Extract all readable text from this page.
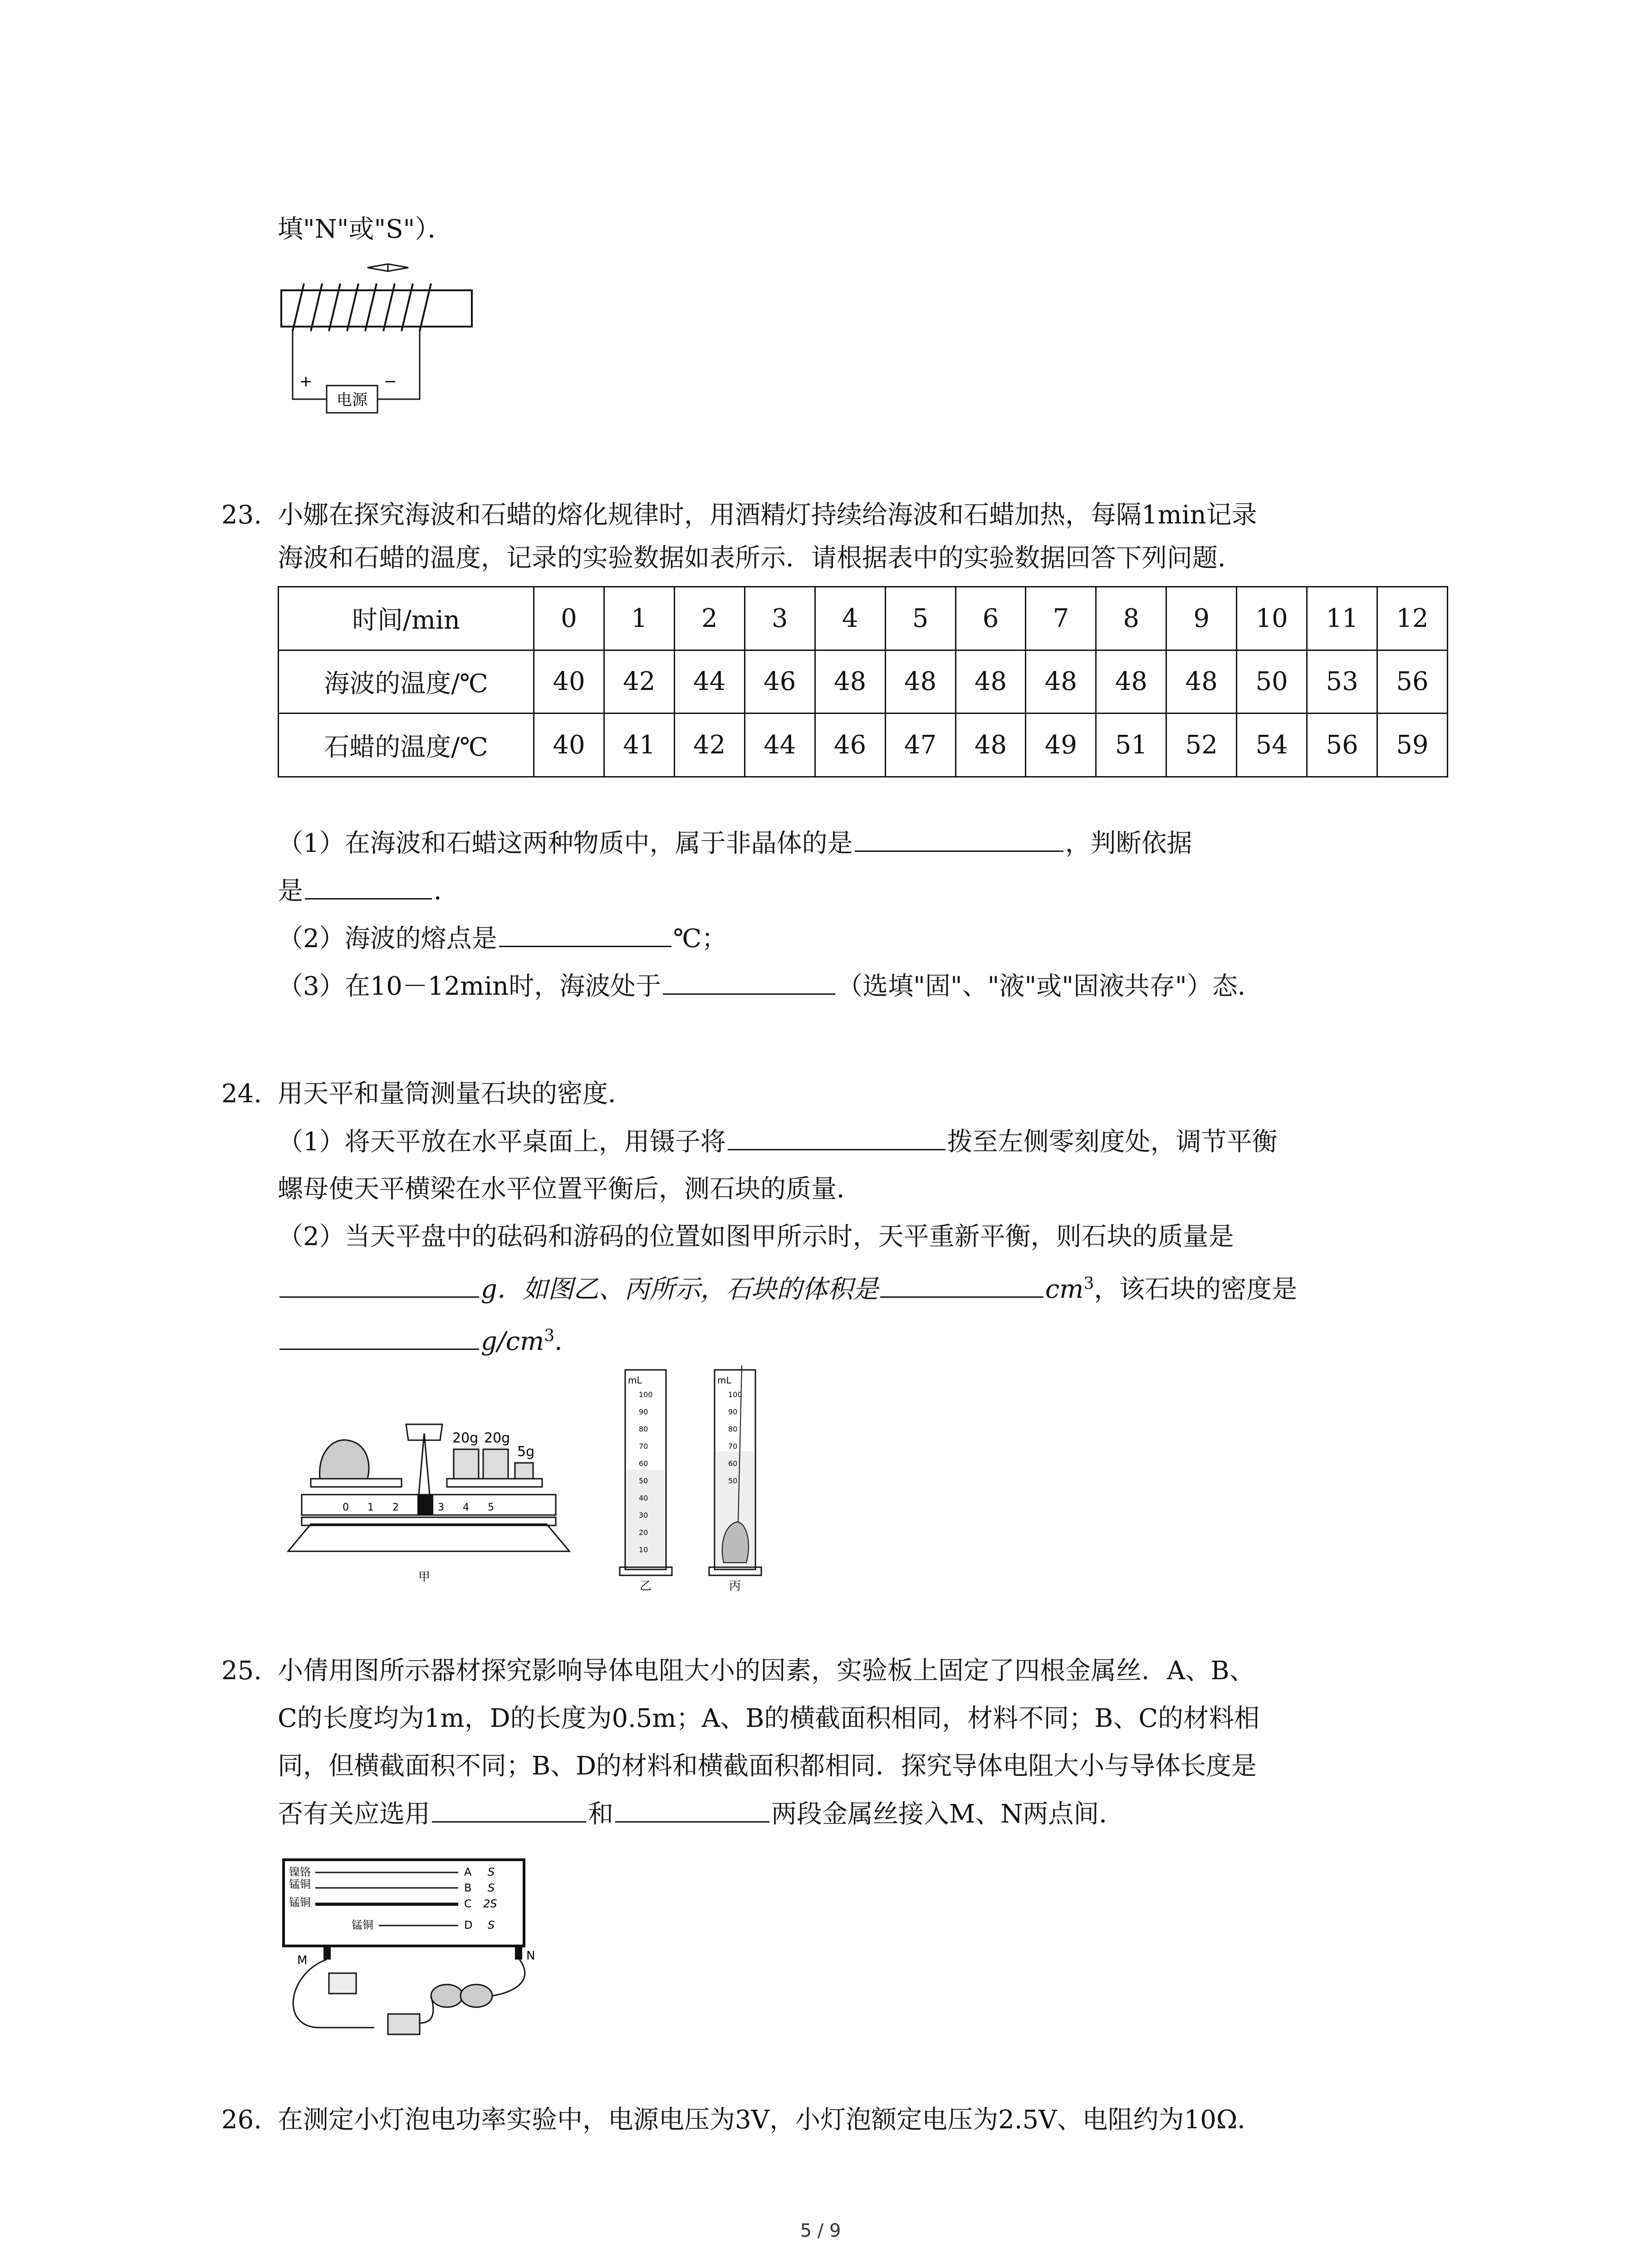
填"N"或"S"）．
电源
+	−
23. 小娜在探究海波和石蜡的熔化规律时，用酒精灯持续给海波和石蜡加热，每隔1min记录
海波和石蜡的温度，记录的实验数据如表所示．请根据表中的实验数据回答下列问题．
时间/min	0	1	2	3	4	5	6	7	8	9	10	11	12
海波的温度/℃	40	42	44	46	48	48	48	48	48	48	50	53	56
石蜡的温度/℃	40	41	42	44	46	47	48	49	51	52	54	56	59
（1）在海波和石蜡这两种物质中，属于非晶体的是	，判断依据
是	．
（2）海波的熔点是	℃；
（3）在10－12min时，海波处于	（选填"固"、"液"或"固液共存"）态．
24. 用天平和量筒测量石块的密度．
（1）将天平放在水平桌面上，用镊子将	拨至左侧零刻度处，调节平衡
螺母使天平横梁在水平位置平衡后，测石块的质量．
（2）当天平盘中的砝码和游码的位置如图甲所示时，天平重新平衡，则石块的质量是
g．如图乙、丙所示，石块的体积是	$cm^3$，该石块的密度是
$g/cm^3$．
0 1 2	3 4 5
20g 20g
5g
甲
mL
100
90
80
70
60
50
40
30
20
10
乙
mL
100
90
80
70
60
50
丙
25. 小倩用图所示器材探究影响导体电阻大小的因素，实验板上固定了四根金属丝．A、B、
C的长度均为1m，D的长度为0.5m；A、B的横截面积相同，材料不同；B、C的材料相
同，但横截面积不同；B、D的材料和横截面积都相同．探究导体电阻大小与导体长度是
否有关应选用	和	两段金属丝接入M、N两点间．
镍铬
锰铜
锰铜
锰铜
A
B
C
D
S
S
2S
S
M	N
26. 在测定小灯泡电功率实验中，电源电压为3V，小灯泡额定电压为2.5V、电阻约为10Ω．
5 / 9
